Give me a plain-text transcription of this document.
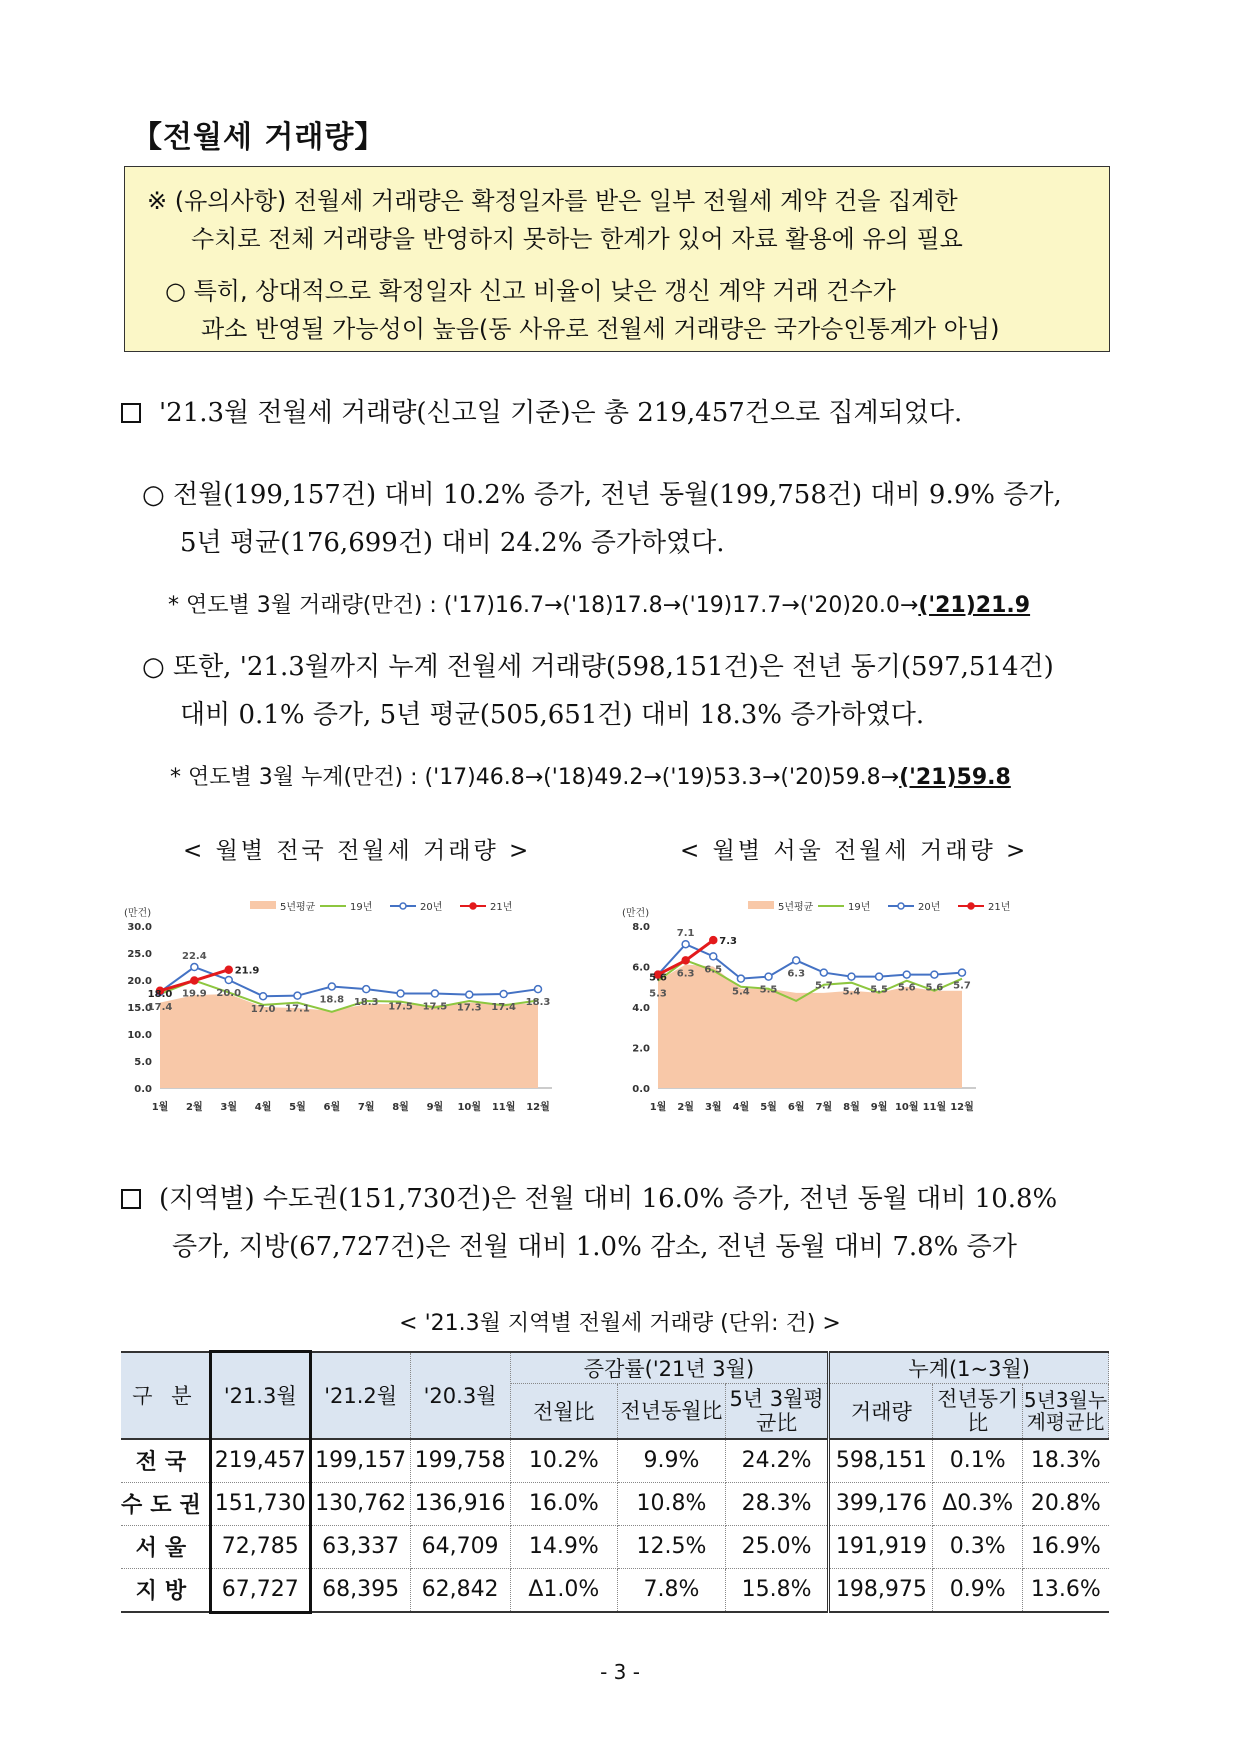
【전월세 거래량】
※ (유의사항) 전월세 거래량은 확정일자를 받은 일부 전월세 계약 건을 집계한
수치로 전체 거래량을 반영하지 못하는 한계가 있어 자료 활용에 유의 필요
○ 특히, 상대적으로 확정일자 신고 비율이 낮은 갱신 계약 거래 건수가
과소 반영될 가능성이 높음(동 사유로 전월세 거래량은 국가승인통계가 아님)
'21.3월 전월세 거래량(신고일 기준)은 총 219,457건으로 집계되었다.
○ 전월(199,157건) 대비 10.2% 증가, 전년 동월(199,758건) 대비 9.9% 증가,
5년 평균(176,699건) 대비 24.2% 증가하였다.
* 연도별 3월 거래량(만건) : ('17)16.7→('18)17.8→('19)17.7→('20)20.0→('21)21.9
○ 또한, '21.3월까지 누계 전월세 거래량(598,151건)은 전년 동기(597,514건)
대비 0.1% 증가, 5년 평균(505,651건) 대비 18.3% 증가하였다.
* 연도별 3월 누계(만건) : ('17)46.8→('18)49.2→('19)53.3→('20)59.8→('21)59.8
< 월별 전국 전월세 거래량 >	< 월별 서울 전월세 거래량 >
(만건)
0.0
5.0
10.0
15.0
20.0
25.0
30.0
1월 2월 3월 4월 5월 6월 7월 8월 9월 10월 11월 12월
5년평균	19년	20년	21년
18.0
17.4
22.4
19.9
21.9
20.0
17.0 17.1
18.8 18.3 17.5 17.5 17.3 17.4 18.3
(만건)
0.0
2.0
4.0
6.0
8.0
1월 2월 3월 4월 5월 6월 7월 8월 9월 10월 11월 12월
5년평균	19년	20년	21년
5.6
5.3
7.1
6.3
7.3
6.5
5.4 5.5
6.3
5.7
5.4 5.5 5.6 5.6 5.7
(지역별) 수도권(151,730건)은 전월 대비 16.0% 증가, 전년 동월 대비 10.8%
증가, 지방(67,727건)은 전월 대비 1.0% 감소, 전년 동월 대비 7.8% 증가
< '21.3월 지역별 전월세 거래량 (단위: 건) >
구 분	'21.3월	'21.2월	'20.3월	증감률('21년 3월)			누계(1~3월)		
				전월比	전년동월比	5년 3월평균比	거래량	전년동기比	5년3월누계평균比
전국	219,457	199,157	199,758	10.2%	9.9%	24.2%	598,151	0.1%	18.3%
수도권	151,730	130,762	136,916	16.0%	10.8%	28.3%	399,176	Δ0.3%	20.8%
서울	72,785	63,337	64,709	14.9%	12.5%	25.0%	191,919	0.3%	16.9%
지방	67,727	68,395	62,842	Δ1.0%	7.8%	15.8%	198,975	0.9%	13.6%
- 3 -
